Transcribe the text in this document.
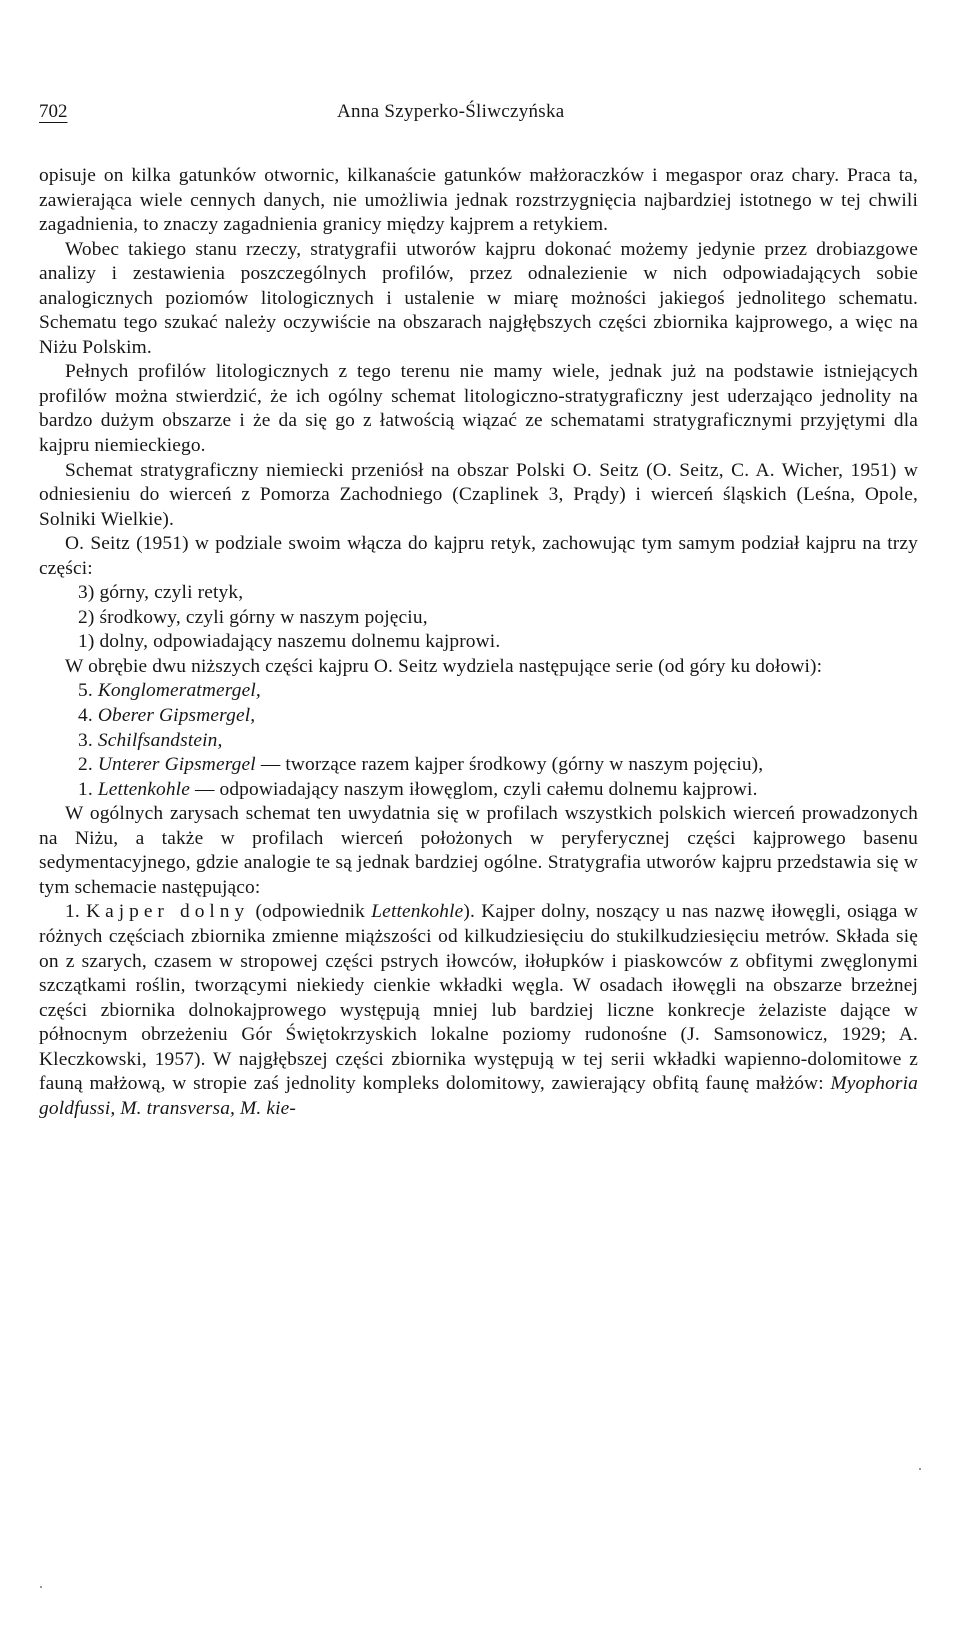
702	Anna Szyperko-Śliwczyńska

opisuje on kilka gatunków otwornic, kilkanaście gatunków małżoraczków i megaspor oraz chary. Praca ta, zawierająca wiele cennych danych, nie umożliwia jednak rozstrzygnięcia najbardziej istotnego w tej chwili zagadnienia, to znaczy zagadnienia granicy między kajprem a retykiem.

Wobec takiego stanu rzeczy, stratygrafii utworów kajpru dokonać możemy jedynie przez drobiazgowe analizy i zestawienia poszczególnych profilów, przez odnalezienie w nich odpowiadających sobie analogicznych poziomów litologicznych i ustalenie w miarę możności jakiegoś jednolitego schematu. Schematu tego szukać należy oczywiście na obszarach najgłębszych części zbiornika kajprowego, a więc na Niżu Polskim.

Pełnych profilów litologicznych z tego terenu nie mamy wiele, jednak już na podstawie istniejących profilów można stwierdzić, że ich ogólny schemat litologiczno-stratygraficzny jest uderzająco jednolity na bardzo dużym obszarze i że da się go z łatwością wiązać ze schematami stratygraficznymi przyjętymi dla kajpru niemieckiego.

Schemat stratygraficzny niemiecki przeniósł na obszar Polski O. Seitz (O. Seitz, C. A. Wicher, 1951) w odniesieniu do wierceń z Pomorza Zachodniego (Czaplinek 3, Prądy) i wierceń śląskich (Leśna, Opole, Solniki Wielkie).

O. Seitz (1951) w podziale swoim włącza do kajpru retyk, zachowując tym samym podział kajpru na trzy części:

3) górny, czyli retyk,

2) środkowy, czyli górny w naszym pojęciu,

1) dolny, odpowiadający naszemu dolnemu kajprowi.

W obrębie dwu niższych części kajpru O. Seitz wydziela następujące serie (od góry ku dołowi):

5. Konglomeratmergel,

4. Oberer Gipsmergel,

3. Schilfsandstein,

2. Unterer Gipsmergel — tworzące razem kajper środkowy (górny w naszym pojęciu),

1. Lettenkohle — odpowiadający naszym iłowęglom, czyli całemu dolnemu kajprowi.

W ogólnych zarysach schemat ten uwydatnia się w profilach wszystkich polskich wierceń prowadzonych na Niżu, a także w profilach wierceń położonych w peryferycznej części kajprowego basenu sedymentacyjnego, gdzie analogie te są jednak bardziej ogólne. Stratygrafia utworów kajpru przedstawia się w tym schemacie następująco:

1. Kajper dolny (odpowiednik Lettenkohle). Kajper dolny, noszący u nas nazwę iłowęgli, osiąga w różnych częściach zbiornika zmienne miąższości od kilkudziesięciu do stukilkudziesięciu metrów. Składa się on z szarych, czasem w stropowej części pstrych iłowców, iłołupków i piaskowców z obfitymi zwęglonymi szczątkami roślin, tworzącymi niekiedy cienkie wkładki węgla. W osadach iłowęgli na obszarze brzeżnej części zbiornika dolnokajprowego występują mniej lub bardziej liczne konkrecje żelaziste dające w północnym obrzeżeniu Gór Świętokrzyskich lokalne poziomy rudonośne (J. Samsonowicz, 1929; A. Kleczkowski, 1957). W najgłębszej części zbiornika występują w tej serii wkładki wapienno-dolomitowe z fauną małżową, w stropie zaś jednolity kompleks dolomitowy, zawierający obfitą faunę małżów: Myophoria goldfussi, M. transversa, M. kie-
